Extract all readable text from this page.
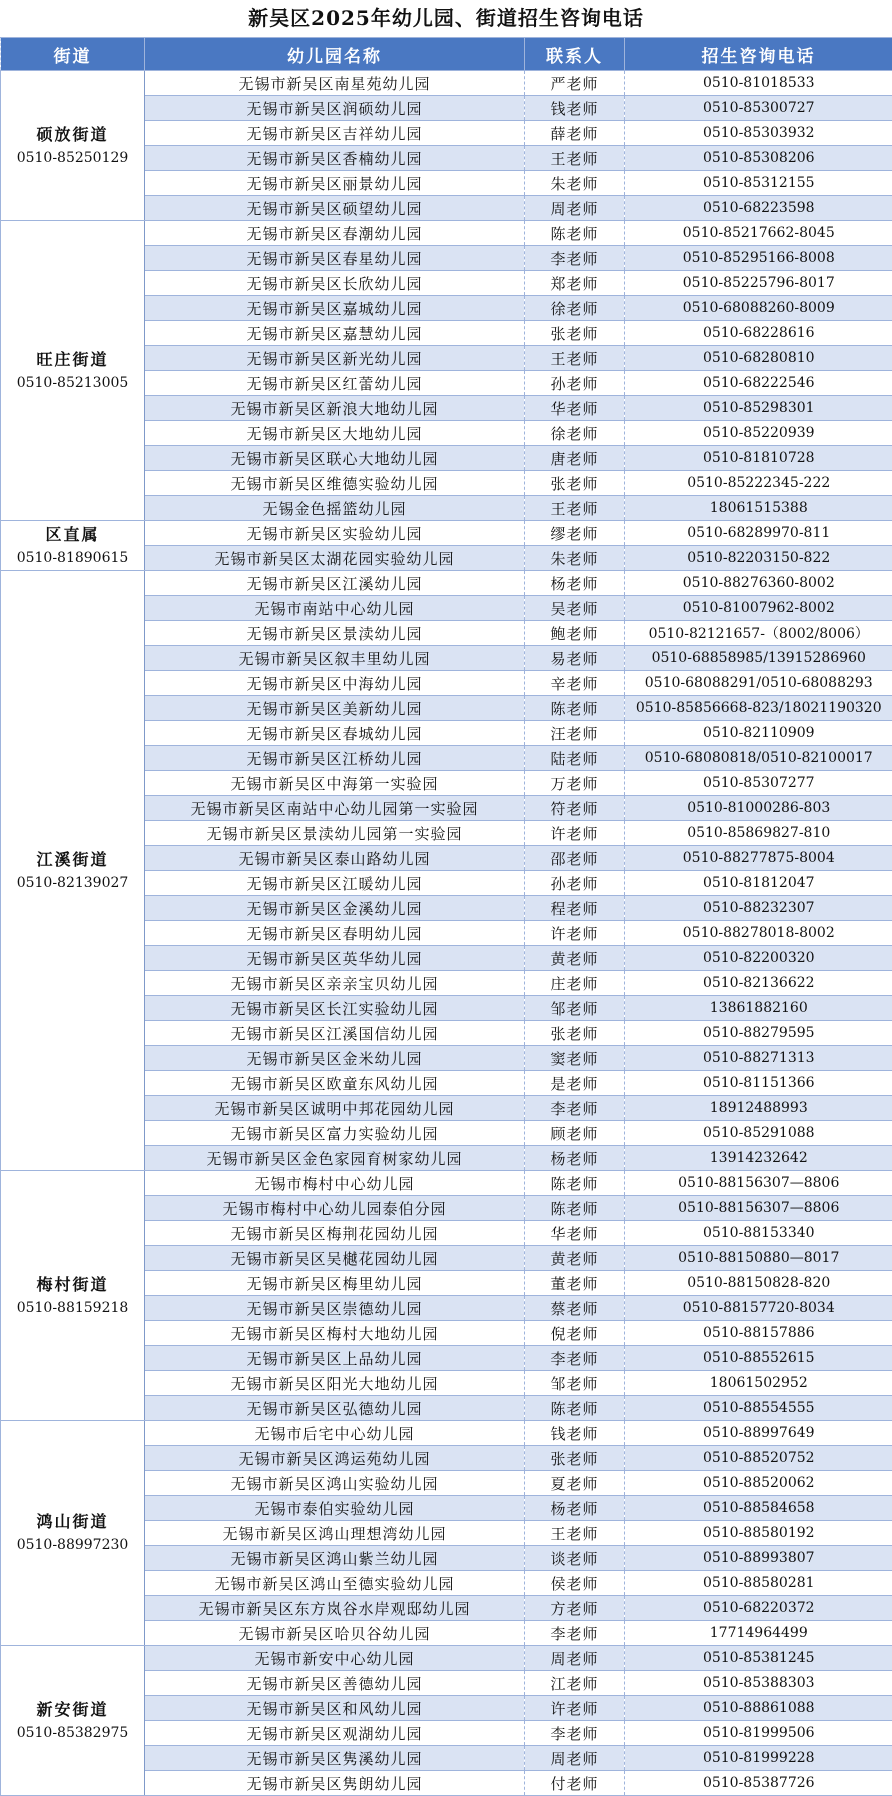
新吴区2025年幼儿园、街道招生咨询电话
街道	幼儿园名称	联系人	招生咨询电话

硕放街道
0510-85250129	无锡市新吴区南星苑幼儿园	严老师	0510-81018533
	无锡市新吴区润硕幼儿园	钱老师	0510-85300727
	无锡市新吴区吉祥幼儿园	薛老师	0510-85303932
	无锡市新吴区香楠幼儿园	王老师	0510-85308206
	无锡市新吴区丽景幼儿园	朱老师	0510-85312155
	无锡市新吴区硕望幼儿园	周老师	0510-68223598

旺庄街道
0510-85213005	无锡市新吴区春潮幼儿园	陈老师	0510-85217662-8045
	无锡市新吴区春星幼儿园	李老师	0510-85295166-8008
	无锡市新吴区长欣幼儿园	郑老师	0510-85225796-8017
	无锡市新吴区嘉城幼儿园	徐老师	0510-68088260-8009
	无锡市新吴区嘉慧幼儿园	张老师	0510-68228616
	无锡市新吴区新光幼儿园	王老师	0510-68280810
	无锡市新吴区红蕾幼儿园	孙老师	0510-68222546
	无锡市新吴区新浪大地幼儿园	华老师	0510-85298301
	无锡市新吴区大地幼儿园	徐老师	0510-85220939
	无锡市新吴区联心大地幼儿园	唐老师	0510-81810728
	无锡市新吴区维德实验幼儿园	张老师	0510-85222345-222
	无锡金色摇篮幼儿园	王老师	18061515388

区直属
0510-81890615	无锡市新吴区实验幼儿园	缪老师	0510-68289970-811
	无锡市新吴区太湖花园实验幼儿园	朱老师	0510-82203150-822

江溪街道
0510-82139027	无锡市新吴区江溪幼儿园	杨老师	0510-88276360-8002
	无锡市南站中心幼儿园	吴老师	0510-81007962-8002
	无锡市新吴区景渎幼儿园	鲍老师	0510-82121657-（8002/8006）
	无锡市新吴区叙丰里幼儿园	易老师	0510-68858985/13915286960
	无锡市新吴区中海幼儿园	辛老师	0510-68088291/0510-68088293
	无锡市新吴区美新幼儿园	陈老师	0510-85856668-823/18021190320
	无锡市新吴区春城幼儿园	汪老师	0510-82110909
	无锡市新吴区江桥幼儿园	陆老师	0510-68080818/0510-82100017
	无锡市新吴区中海第一实验园	万老师	0510-85307277
	无锡市新吴区南站中心幼儿园第一实验园	符老师	0510-81000286-803
	无锡市新吴区景渎幼儿园第一实验园	许老师	0510-85869827-810
	无锡市新吴区泰山路幼儿园	邵老师	0510-88277875-8004
	无锡市新吴区江暖幼儿园	孙老师	0510-81812047
	无锡市新吴区金溪幼儿园	程老师	0510-88232307
	无锡市新吴区春明幼儿园	许老师	0510-88278018-8002
	无锡市新吴区英华幼儿园	黄老师	0510-82200320
	无锡市新吴区亲亲宝贝幼儿园	庄老师	0510-82136622
	无锡市新吴区长江实验幼儿园	邹老师	13861882160
	无锡市新吴区江溪国信幼儿园	张老师	0510-88279595
	无锡市新吴区金米幼儿园	窦老师	0510-88271313
	无锡市新吴区欧童东风幼儿园	是老师	0510-81151366
	无锡市新吴区诚明中邦花园幼儿园	李老师	18912488993
	无锡市新吴区富力实验幼儿园	顾老师	0510-85291088
	无锡市新吴区金色家园育树家幼儿园	杨老师	13914232642

梅村街道
0510-88159218	无锡市梅村中心幼儿园	陈老师	0510-88156307—8806
	无锡市梅村中心幼儿园泰伯分园	陈老师	0510-88156307—8806
	无锡市新吴区梅荆花园幼儿园	华老师	0510-88153340
	无锡市新吴区吴樾花园幼儿园	黄老师	0510-88150880—8017
	无锡市新吴区梅里幼儿园	董老师	0510-88150828-820
	无锡市新吴区崇德幼儿园	蔡老师	0510-88157720-8034
	无锡市新吴区梅村大地幼儿园	倪老师	0510-88157886
	无锡市新吴区上品幼儿园	李老师	0510-88552615
	无锡市新吴区阳光大地幼儿园	邹老师	18061502952
	无锡市新吴区弘德幼儿园	陈老师	0510-88554555

鸿山街道
0510-88997230	无锡市后宅中心幼儿园	钱老师	0510-88997649
	无锡市新吴区鸿运苑幼儿园	张老师	0510-88520752
	无锡市新吴区鸿山实验幼儿园	夏老师	0510-88520062
	无锡市泰伯实验幼儿园	杨老师	0510-88584658
	无锡市新吴区鸿山理想湾幼儿园	王老师	0510-88580192
	无锡市新吴区鸿山紫兰幼儿园	谈老师	0510-88993807
	无锡市新吴区鸿山至德实验幼儿园	侯老师	0510-88580281
	无锡市新吴区东方岚谷水岸观邸幼儿园	方老师	0510-68220372
	无锡市新吴区哈贝谷幼儿园	李老师	17714964499

新安街道
0510-85382975	无锡市新安中心幼儿园	周老师	0510-85381245
	无锡市新吴区善德幼儿园	江老师	0510-85388303
	无锡市新吴区和风幼儿园	许老师	0510-88861088
	无锡市新吴区观湖幼儿园	李老师	0510-81999506
	无锡市新吴区隽溪幼儿园	周老师	0510-81999228
	无锡市新吴区隽朗幼儿园	付老师	0510-85387726
